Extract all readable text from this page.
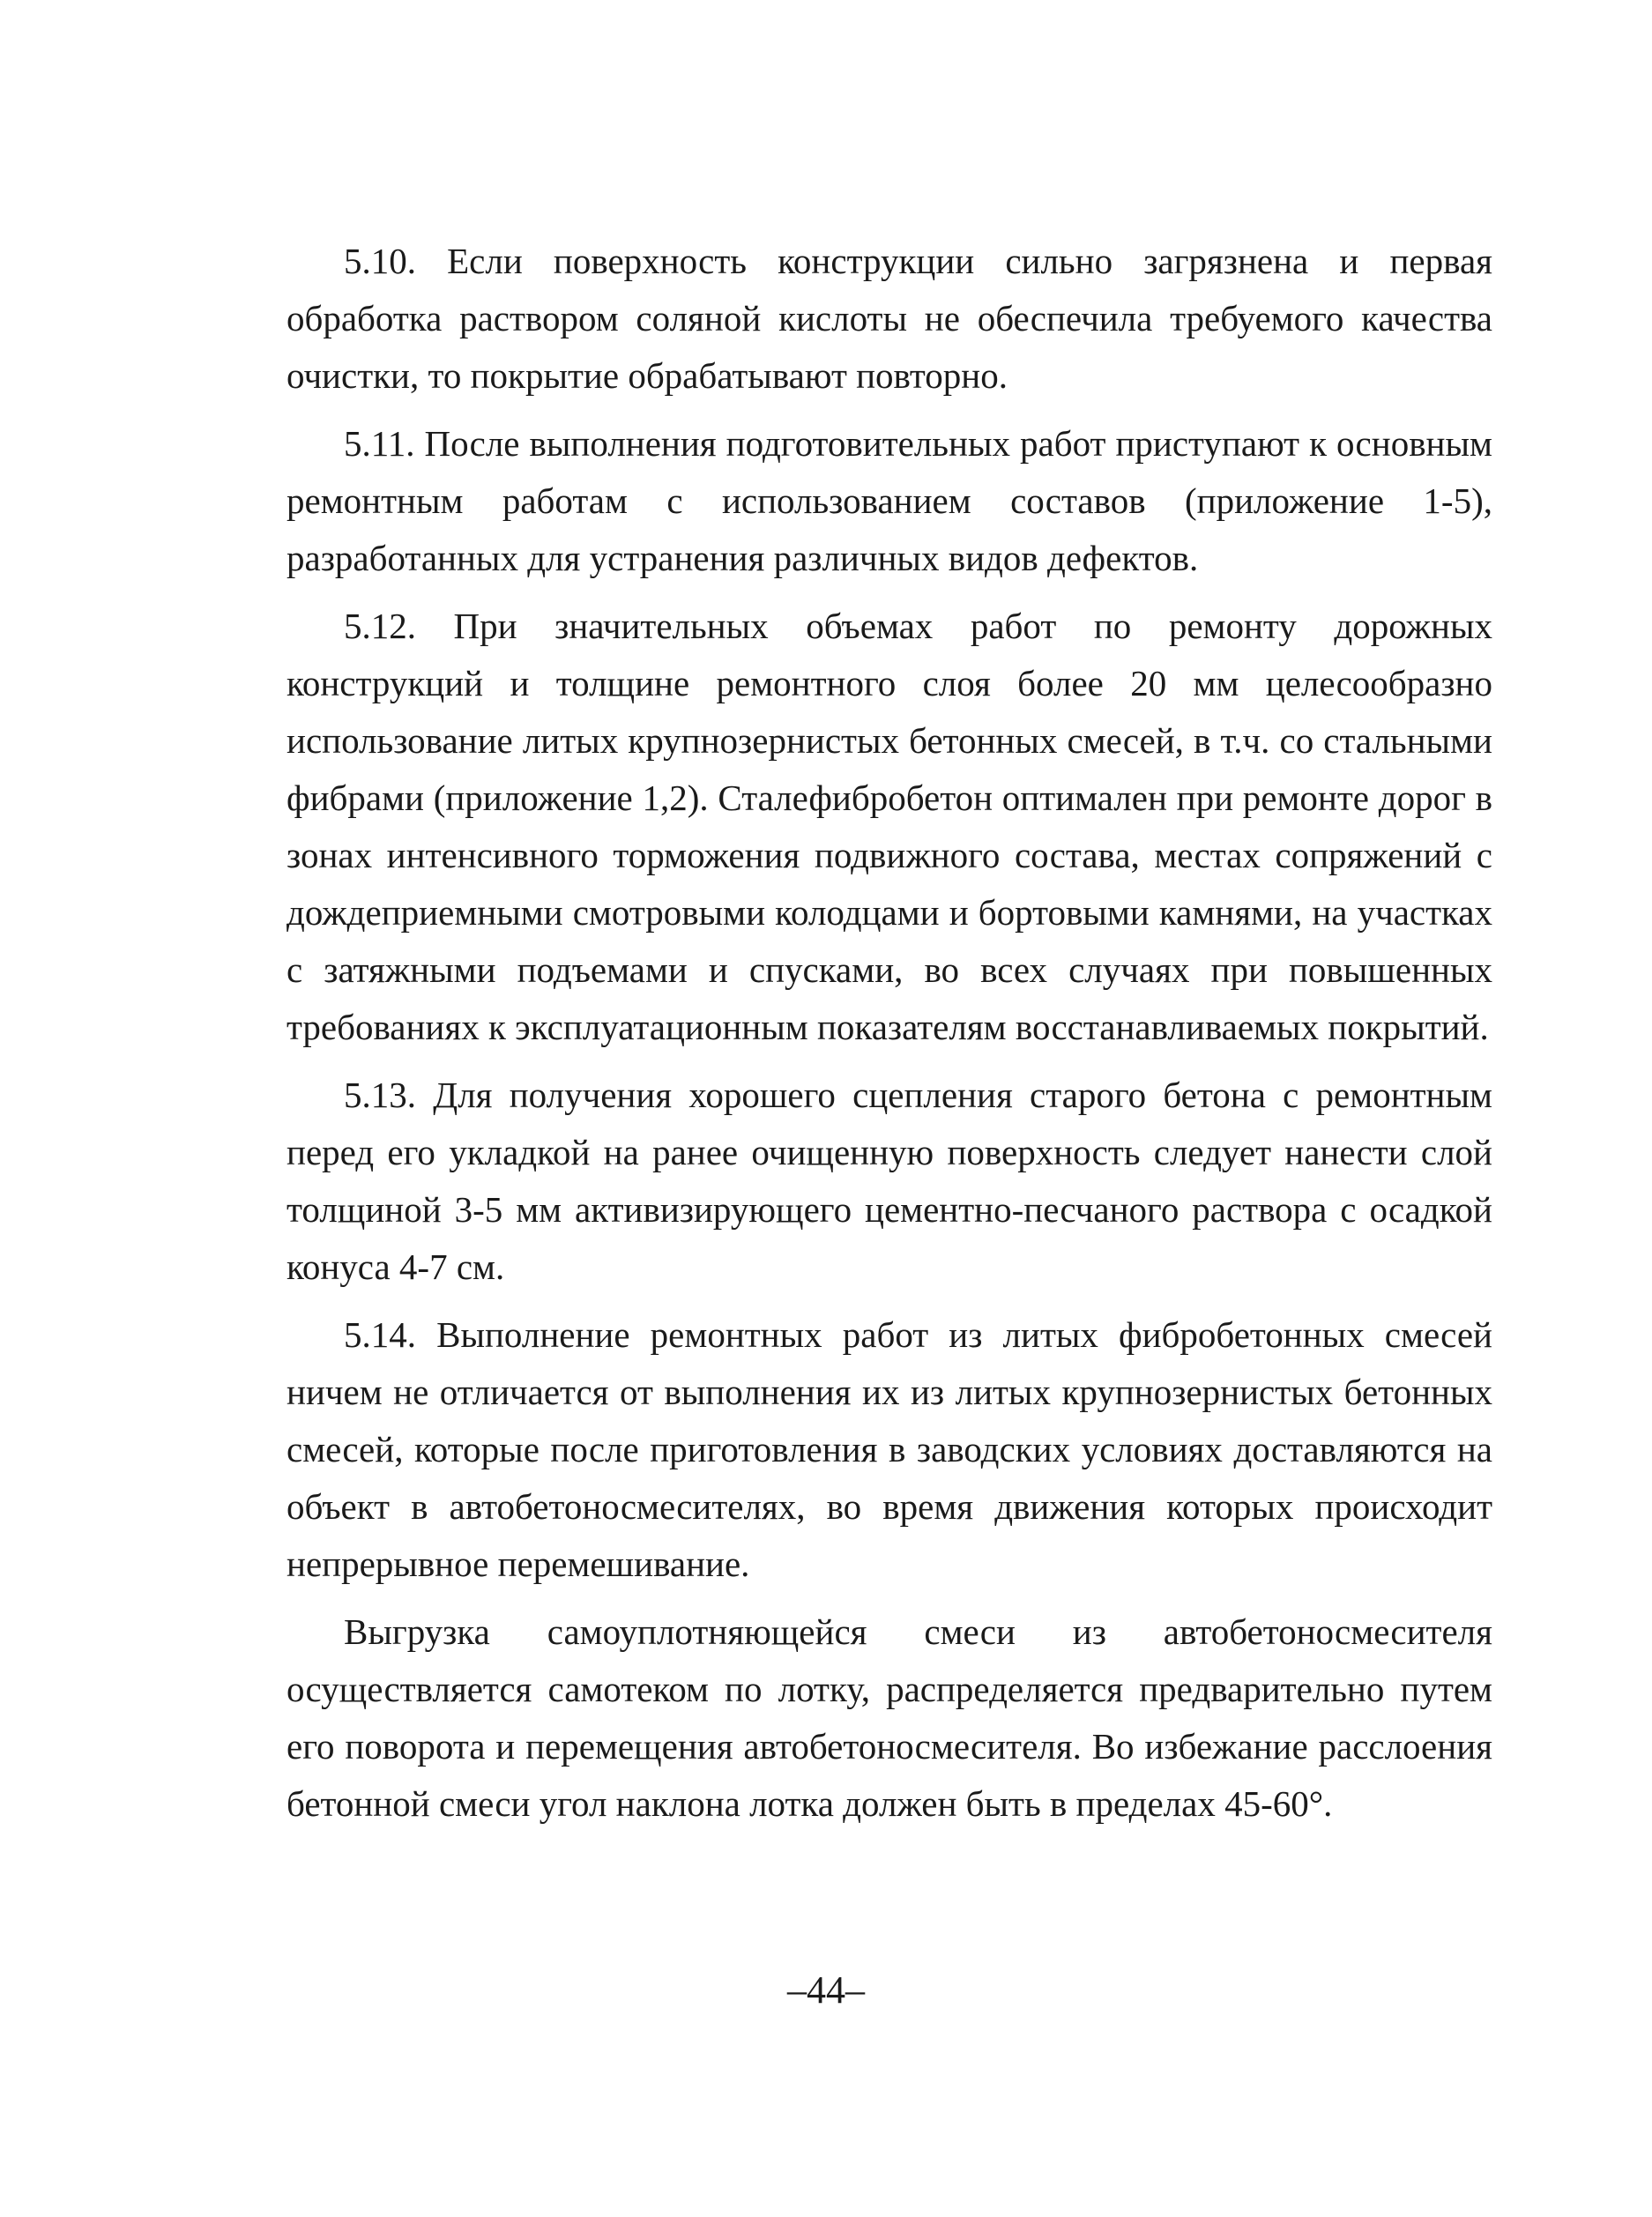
5.10. Если поверхность конструкции сильно загрязнена и первая обработка раствором соляной кислоты не обеспечила требуемого качества очистки, то покрытие обрабатывают повторно.

5.11. После выполнения подготовительных работ приступают к основным ремонтным работам с использованием составов (приложение 1-5), разработанных для устранения различных видов дефектов.

5.12. При значительных объемах работ по ремонту дорожных конструкций и толщине ремонтного слоя более 20 мм целесообразно использование литых крупнозернистых бетонных смесей, в т.ч. со стальными фибрами (приложение 1,2). Сталефибробетон оптимален при ремонте дорог в зонах интенсивного торможения подвижного состава, местах сопряжений с дождеприемными смотровыми колодцами и бортовыми камнями, на участках с затяжными подъемами и спусками, во всех случаях при повышенных требованиях к эксплуатационным показателям восстанавливаемых покрытий.

5.13. Для получения хорошего сцепления старого бетона с ремонтным перед его укладкой на ранее очищенную поверхность следует нанести слой толщиной 3-5 мм активизирующего цементно-песчаного раствора с осадкой конуса 4-7 см.

5.14. Выполнение ремонтных работ из литых фибробетонных смесей ничем не отличается от выполнения их из литых крупнозернистых бетонных смесей, которые после приготовления в заводских условиях доставляются на объект в автобетоносмесителях, во время движения которых происходит непрерывное перемешивание.

Выгрузка самоуплотняющейся смеси из автобетоносмесителя осуществляется самотеком по лотку, распределяется предварительно путем его поворота и перемещения автобетоносмесителя. Во избежание расслоения бетонной смеси угол наклона лотка должен быть в пределах 45-60°.

–44–
